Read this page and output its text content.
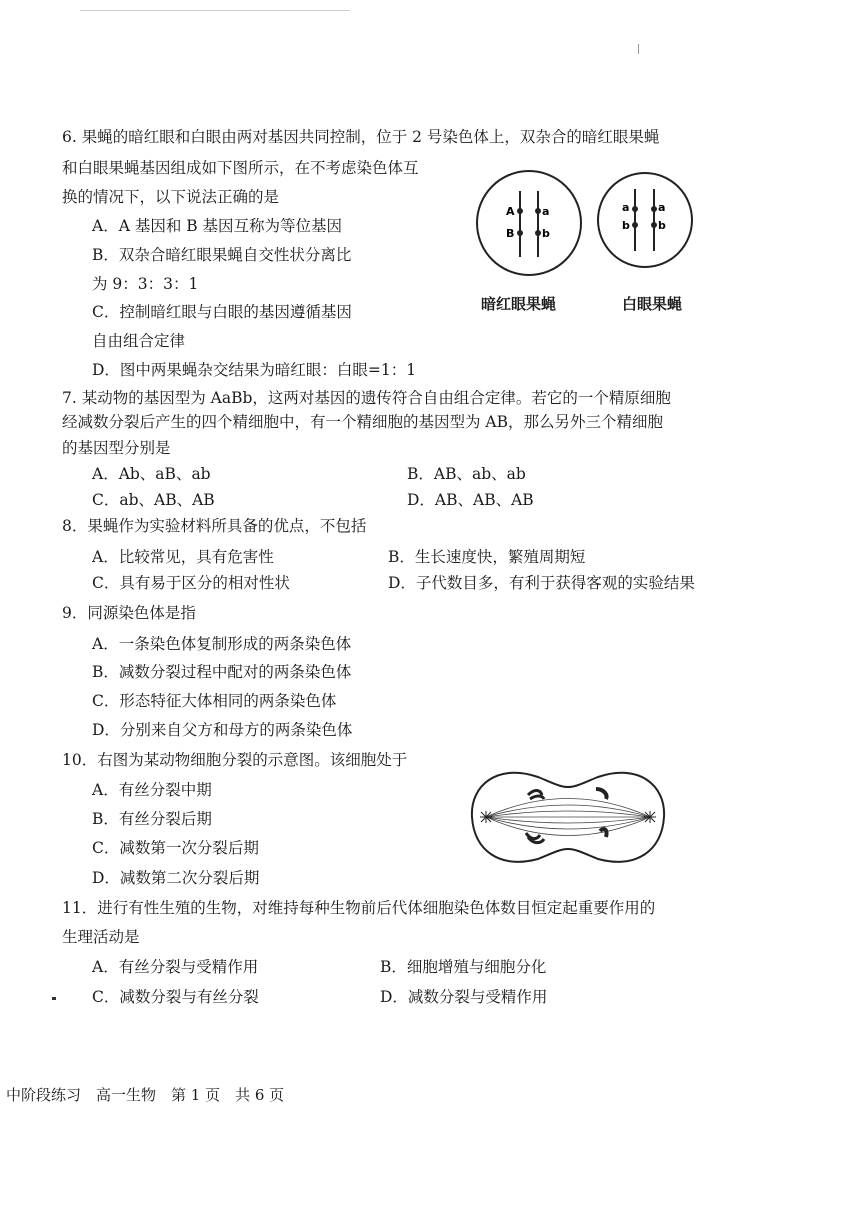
6. 果蝇的暗红眼和白眼由两对基因共同控制，位于 2 号染色体上，双杂合的暗红眼果蝇
和白眼果蝇基因组成如下图所示，在不考虑染色体互
换的情况下，以下说法正确的是
A．A 基因和 B 基因互称为等位基因
B．双杂合暗红眼果蝇自交性状分离比
为 9：3：3：1
C．控制暗红眼与白眼的基因遵循基因
自由组合定律
D．图中两果蝇杂交结果为暗红眼：白眼=1：1
A a
B	b
a	a
b	b
暗红眼果蝇	白眼果蝇
7. 某动物的基因型为 AaBb，这两对基因的遗传符合自由组合定律。若它的一个精原细胞
经减数分裂后产生的四个精细胞中，有一个精细胞的基因型为 AB，那么另外三个精细胞
的基因型分别是
A．Ab、aB、ab	B．AB、ab、ab
C．ab、AB、AB	D．AB、AB、AB
8．果蝇作为实验材料所具备的优点，不包括
A．比较常见，具有危害性	B．生长速度快，繁殖周期短
C．具有易于区分的相对性状	D．子代数目多，有利于获得客观的实验结果
9．同源染色体是指
A．一条染色体复制形成的两条染色体
B．减数分裂过程中配对的两条染色体
C．形态特征大体相同的两条染色体
D．分别来自父方和母方的两条染色体
10．右图为某动物细胞分裂的示意图。该细胞处于
A．有丝分裂中期
B．有丝分裂后期
C．减数第一次分裂后期
D．减数第二次分裂后期
11．进行有性生殖的生物，对维持每种生物前后代体细胞染色体数目恒定起重要作用的
生理活动是
A．有丝分裂与受精作用	B．细胞增殖与细胞分化
C．减数分裂与有丝分裂	D．减数分裂与受精作用
中阶段练习　高一生物　第 1 页　共 6 页
